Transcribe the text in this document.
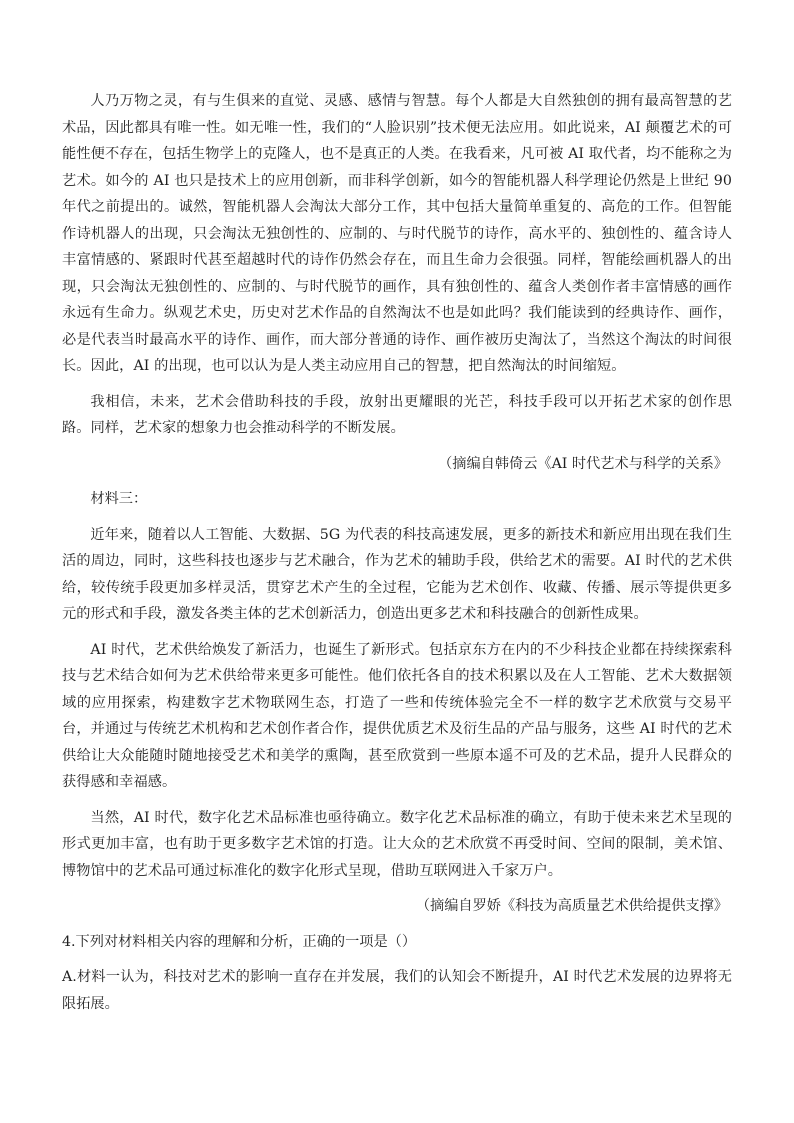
人乃万物之灵，有与生俱来的直觉、灵感、感情与智慧。每个人都是大自然独创的拥有最高智慧的艺术品，因此都具有唯一性。如无唯一性，我们的“人脸识别”技术便无法应用。如此说来，AI 颠覆艺术的可能性便不存在，包括生物学上的克隆人，也不是真正的人类。在我看来，凡可被 AI 取代者，均不能称之为艺术。如今的 AI 也只是技术上的应用创新，而非科学创新，如今的智能机器人科学理论仍然是上世纪 90 年代之前提出的。诚然，智能机器人会淘汰大部分工作，其中包括大量简单重复的、高危的工作。但智能作诗机器人的出现，只会淘汰无独创性的、应制的、与时代脱节的诗作，高水平的、独创性的、蕴含诗人丰富情感的、紧跟时代甚至超越时代的诗作仍然会存在，而且生命力会很强。同样，智能绘画机器人的出现，只会淘汰无独创性的、应制的、与时代脱节的画作，具有独创性的、蕴含人类创作者丰富情感的画作永远有生命力。纵观艺术史，历史对艺术作品的自然淘汰不也是如此吗？我们能读到的经典诗作、画作，必是代表当时最高水平的诗作、画作，而大部分普通的诗作、画作被历史淘汰了，当然这个淘汰的时间很长。因此，AI 的出现，也可以认为是人类主动应用自己的智慧，把自然淘汰的时间缩短。

我相信，未来，艺术会借助科技的手段，放射出更耀眼的光芒，科技手段可以开拓艺术家的创作思路。同样，艺术家的想象力也会推动科学的不断发展。

（摘编自韩倚云《AI 时代艺术与科学的关系》

材料三：

近年来，随着以人工智能、大数据、5G 为代表的科技高速发展，更多的新技术和新应用出现在我们生活的周边，同时，这些科技也逐步与艺术融合，作为艺术的辅助手段，供给艺术的需要。AI 时代的艺术供给，较传统手段更加多样灵活，贯穿艺术产生的全过程，它能为艺术创作、收藏、传播、展示等提供更多元的形式和手段，激发各类主体的艺术创新活力，创造出更多艺术和科技融合的创新性成果。

AI 时代，艺术供给焕发了新活力，也诞生了新形式。包括京东方在内的不少科技企业都在持续探索科技与艺术结合如何为艺术供给带来更多可能性。他们依托各自的技术积累以及在人工智能、艺术大数据领域的应用探索，构建数字艺术物联网生态，打造了一些和传统体验完全不一样的数字艺术欣赏与交易平台，并通过与传统艺术机构和艺术创作者合作，提供优质艺术及衍生品的产品与服务，这些 AI 时代的艺术供给让大众能随时随地接受艺术和美学的熏陶，甚至欣赏到一些原本遥不可及的艺术品，提升人民群众的获得感和幸福感。

当然，AI 时代，数字化艺术品标准也亟待确立。数字化艺术品标准的确立，有助于使未来艺术呈现的形式更加丰富，也有助于更多数字艺术馆的打造。让大众的艺术欣赏不再受时间、空间的限制，美术馆、博物馆中的艺术品可通过标准化的数字化形式呈现，借助互联网进入千家万户。

（摘编自罗娇《科技为高质量艺术供给提供支撑》

4.下列对材料相关内容的理解和分析，正确的一项是（）

A.材料一认为，科技对艺术的影响一直存在并发展，我们的认知会不断提升，AI 时代艺术发展的边界将无限拓展。
